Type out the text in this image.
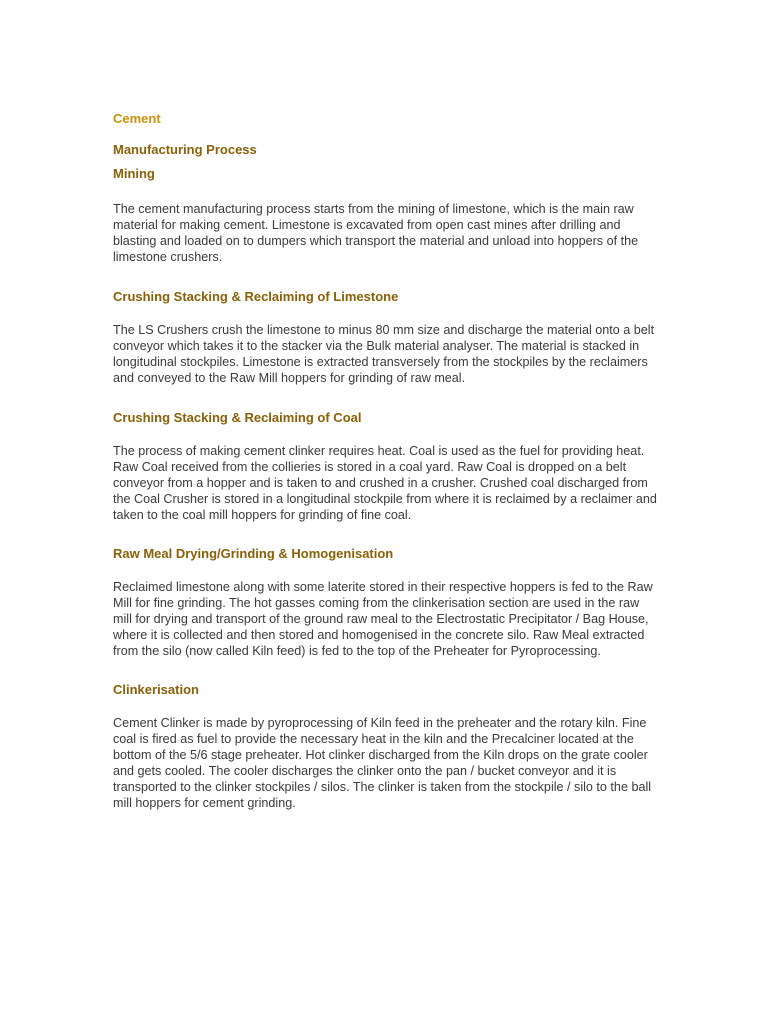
Cement
Manufacturing Process
Mining

The cement manufacturing process starts from the mining of limestone, which is the main raw material for making cement. Limestone is excavated from open cast mines after drilling and blasting and loaded on to dumpers which transport the material and unload into hoppers of the limestone crushers.

Crushing Stacking & Reclaiming of Limestone

The LS Crushers crush the limestone to minus 80 mm size and discharge the material onto a belt conveyor which takes it to the stacker via the Bulk material analyser. The material is stacked in longitudinal stockpiles. Limestone is extracted transversely from the stockpiles by the reclaimers and conveyed to the Raw Mill hoppers for grinding of raw meal.

Crushing Stacking & Reclaiming of Coal

The process of making cement clinker requires heat. Coal is used as the fuel for providing heat. Raw Coal received from the collieries is stored in a coal yard. Raw Coal is dropped on a belt conveyor from a hopper and is taken to and crushed in a crusher. Crushed coal discharged from the Coal Crusher is stored in a longitudinal stockpile from where it is reclaimed by a reclaimer and taken to the coal mill hoppers for grinding of fine coal.

Raw Meal Drying/Grinding & Homogenisation

Reclaimed limestone along with some laterite stored in their respective hoppers is fed to the Raw Mill for fine grinding. The hot gasses coming from the clinkerisation section are used in the raw mill for drying and transport of the ground raw meal to the Electrostatic Precipitator / Bag House, where it is collected and then stored and homogenised in the concrete silo. Raw Meal extracted from the silo (now called Kiln feed) is fed to the top of the Preheater for Pyroprocessing.

Clinkerisation

Cement Clinker is made by pyroprocessing of Kiln feed in the preheater and the rotary kiln. Fine coal is fired as fuel to provide the necessary heat in the kiln and the Precalciner located at the bottom of the 5/6 stage preheater. Hot clinker discharged from the Kiln drops on the grate cooler and gets cooled. The cooler discharges the clinker onto the pan / bucket conveyor and it is transported to the clinker stockpiles / silos. The clinker is taken from the stockpile / silo to the ball mill hoppers for cement grinding.
